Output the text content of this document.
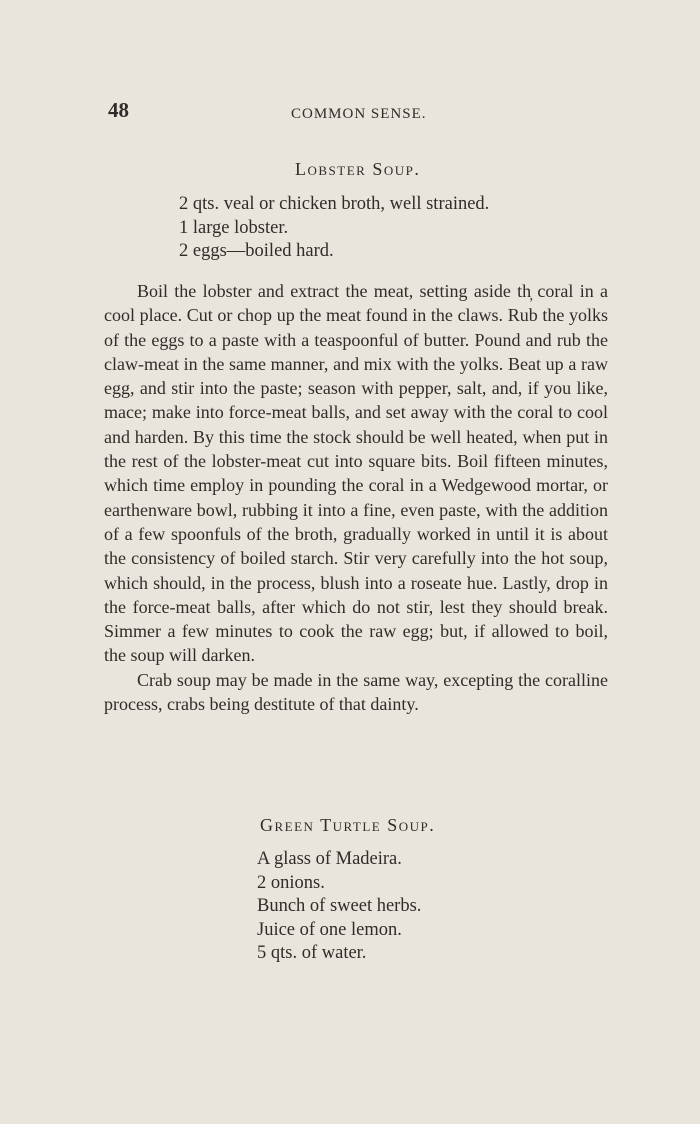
48	COMMON SENSE.
Lobster Soup.
2 qts. veal or chicken broth, well strained.
1 large lobster.
2 eggs—boiled hard.

Boil the lobster and extract the meat, setting aside th̦ coral in a cool place. Cut or chop up the meat found in the claws. Rub the yolks of the eggs to a paste with a teaspoonful of butter. Pound and rub the claw-meat in the same manner, and mix with the yolks. Beat up a raw egg, and stir into the paste; season with pepper, salt, and, if you like, mace; make into force-meat balls, and set away with the coral to cool and harden. By this time the stock should be well heated, when put in the rest of the lobster-meat cut into square bits. Boil fifteen minutes, which time employ in pounding the coral in a Wedgewood mortar, or earthenware bowl, rubbing it into a fine, even paste, with the addition of a few spoonfuls of the broth, gradually worked in until it is about the consistency of boiled starch. Stir very carefully into the hot soup, which should, in the process, blush into a roseate hue. Lastly, drop in the force-meat balls, after which do not stir, lest they should break. Simmer a few minutes to cook the raw egg; but, if allowed to boil, the soup will darken.

Crab soup may be made in the same way, excepting the coralline process, crabs being destitute of that dainty.

Green Turtle Soup.
A glass of Madeira.
2 onions.
Bunch of sweet herbs.
Juice of one lemon.
5 qts. of water.
